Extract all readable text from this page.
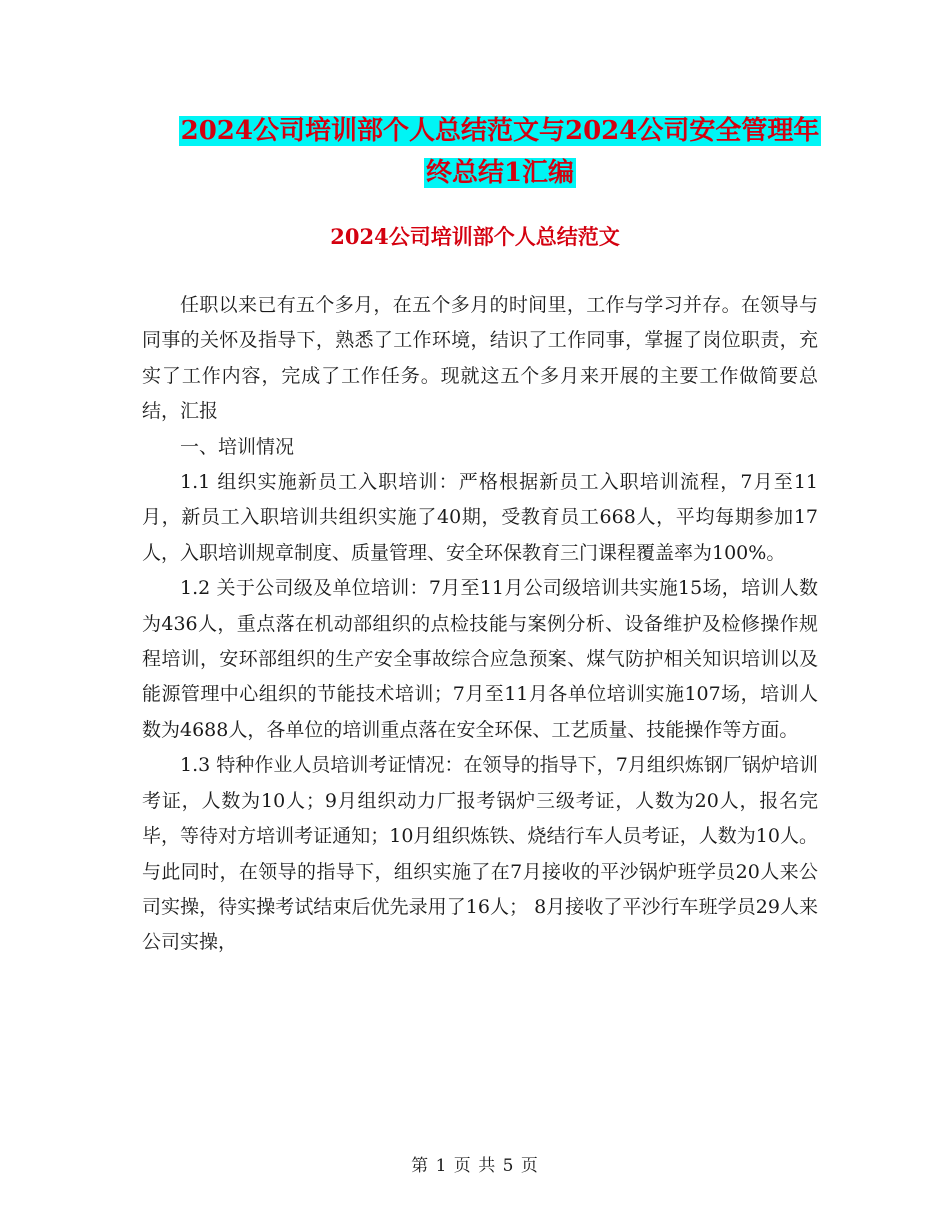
2024公司培训部个人总结范文与2024公司安全管理年
终总结1汇编
2024公司培训部个人总结范文

任职以来已有五个多月，在五个多月的时间里，工作与学习并存。在领导与同事的关怀及指导下，熟悉了工作环境，结识了工作同事，掌握了岗位职责，充实了工作内容，完成了工作任务。现就这五个多月来开展的主要工作做简要总结，汇报

一、培训情况

1.1 组织实施新员工入职培训：严格根据新员工入职培训流程，7月至11月，新员工入职培训共组织实施了40期，受教育员工668人，平均每期参加17人，入职培训规章制度、质量管理、安全环保教育三门课程覆盖率为100%。

1.2 关于公司级及单位培训：7月至11月公司级培训共实施15场，培训人数为436人，重点落在机动部组织的点检技能与案例分析、设备维护及检修操作规程培训，安环部组织的生产安全事故综合应急预案、煤气防护相关知识培训以及能源管理中心组织的节能技术培训；7月至11月各单位培训实施107场，培训人数为4688人，各单位的培训重点落在安全环保、工艺质量、技能操作等方面。

1.3 特种作业人员培训考证情况：在领导的指导下，7月组织炼钢厂锅炉培训考证，人数为10人；9月组织动力厂报考锅炉三级考证，人数为20人，报名完毕，等待对方培训考证通知；10月组织炼铁、烧结行车人员考证，人数为10人。与此同时，在领导的指导下，组织实施了在7月接收的平沙锅炉班学员20人来公司实操，待实操考试结束后优先录用了16人； 8月接收了平沙行车班学员29人来公司实操，

第 1 页 共 5 页
